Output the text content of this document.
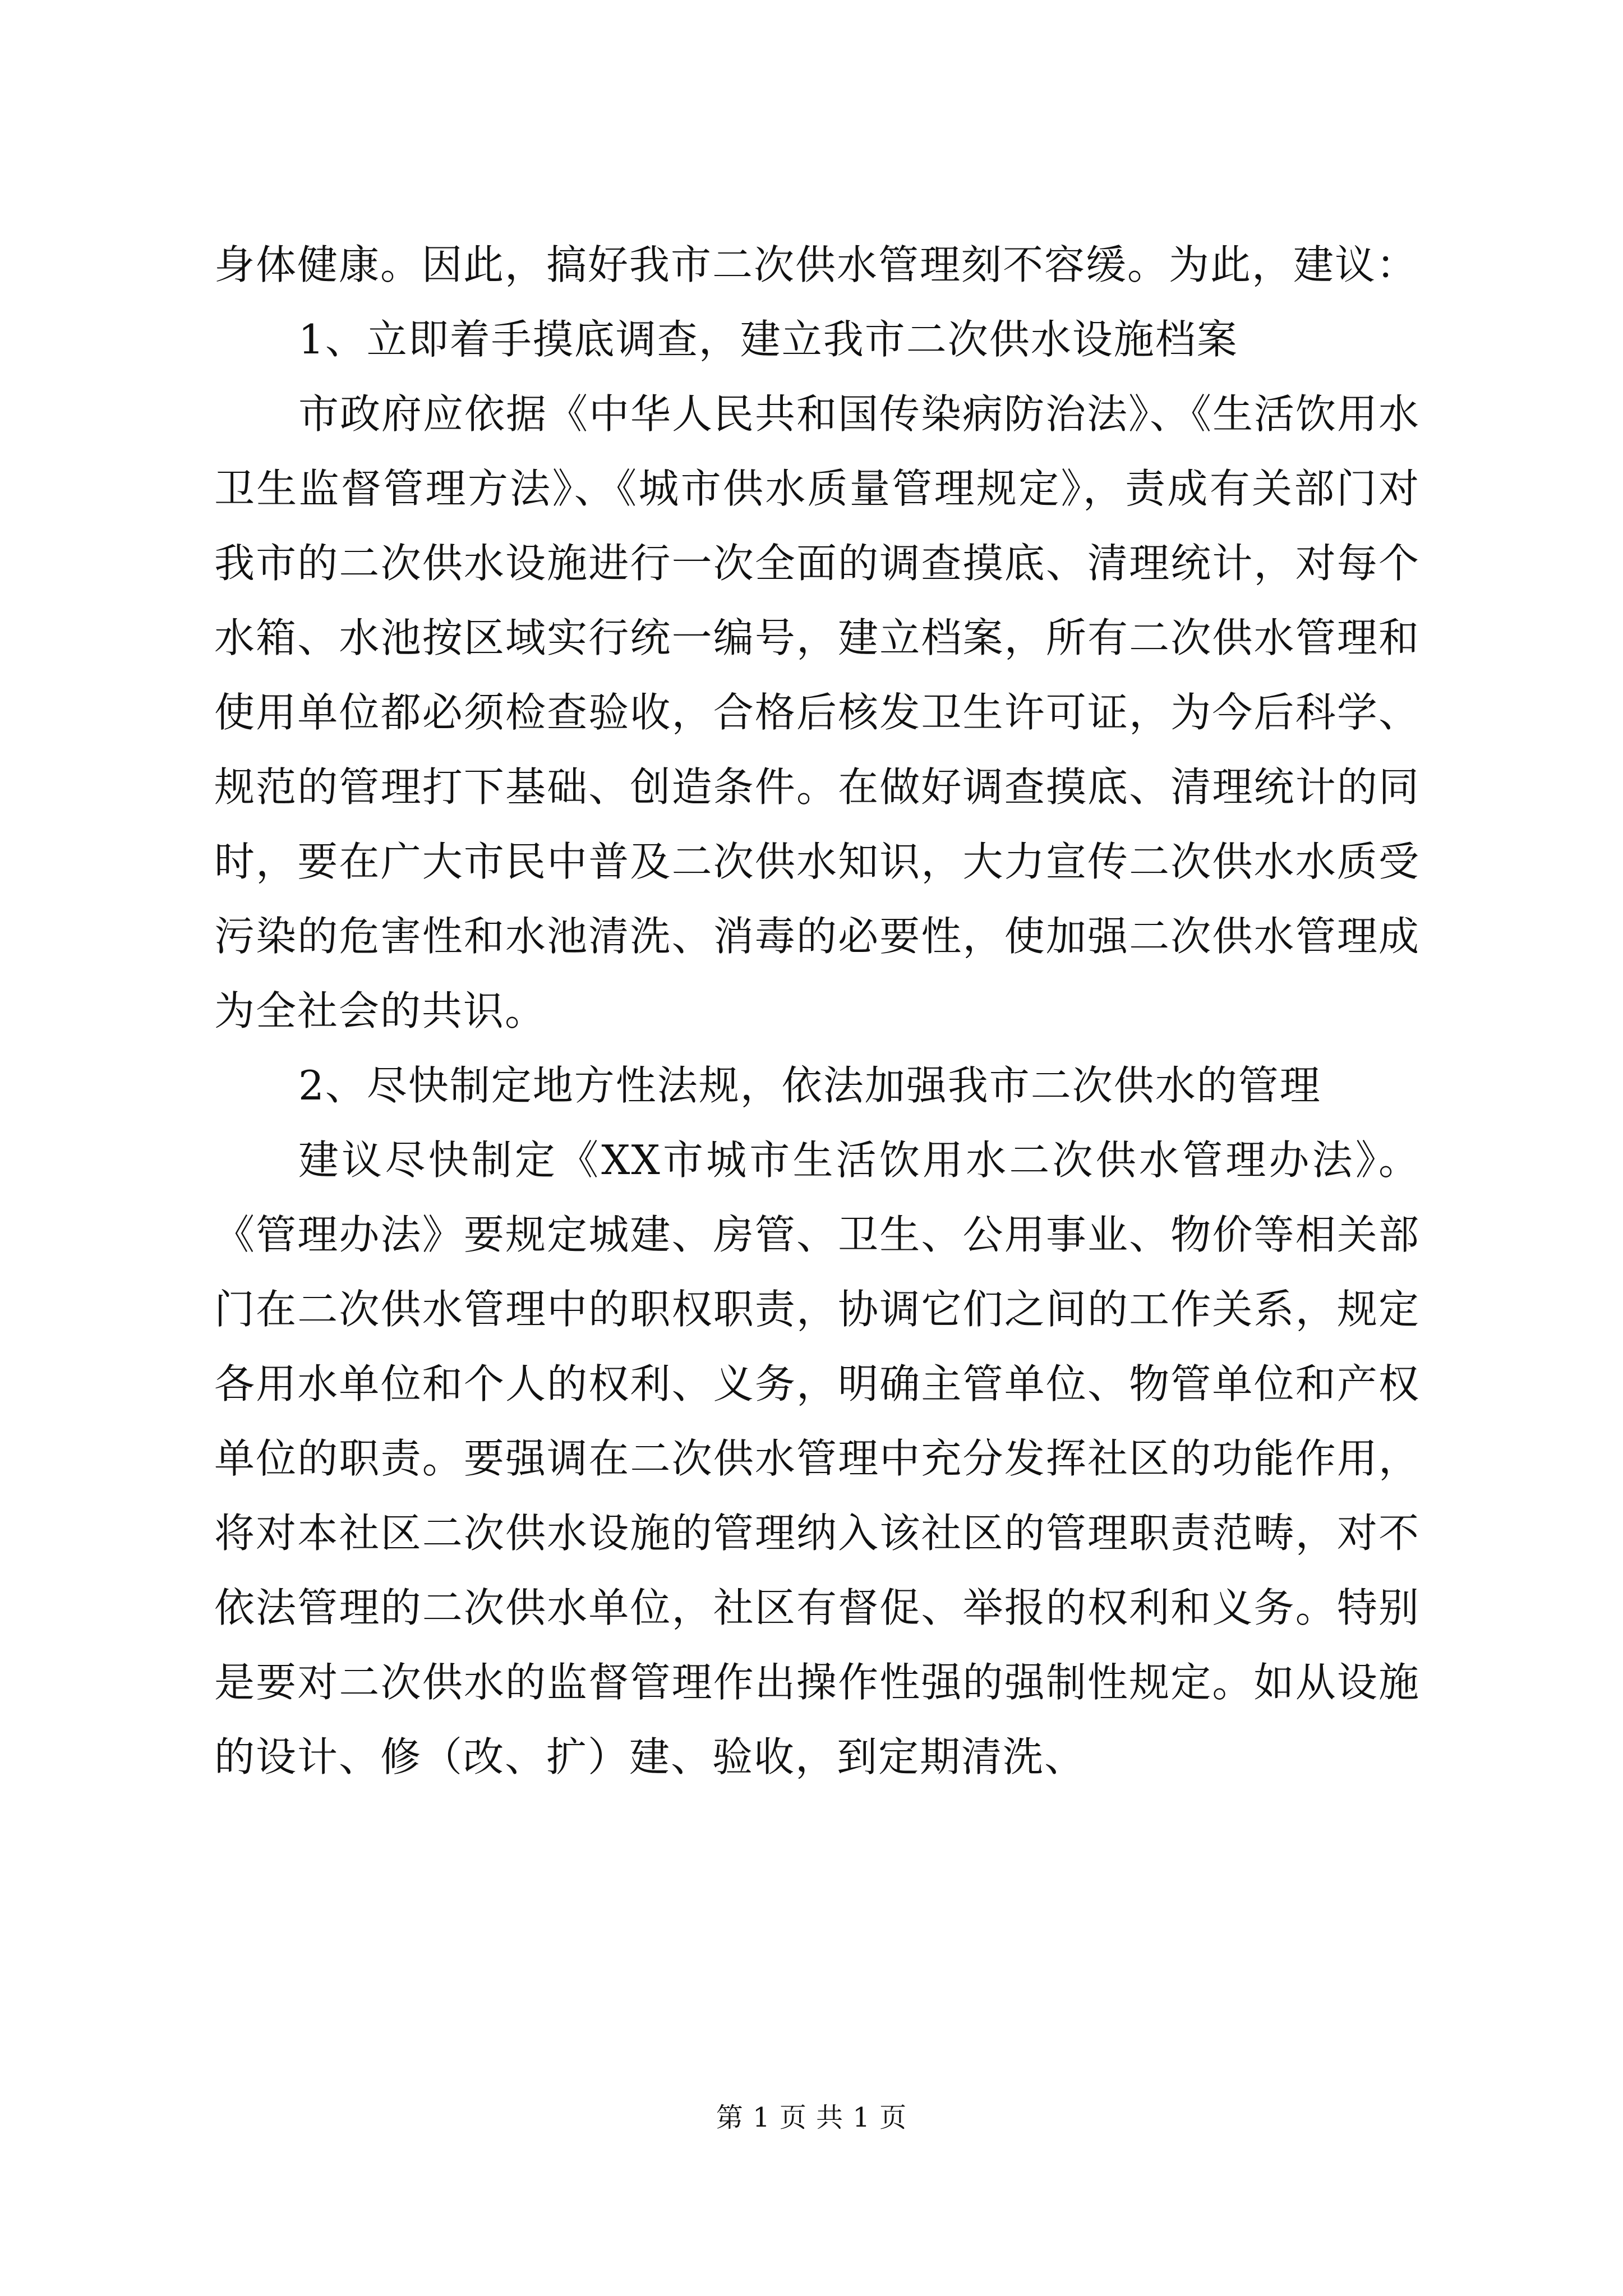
身体健康。因此，搞好我市二次供水管理刻不容缓。为此，建议：

1、立即着手摸底调查，建立我市二次供水设施档案

市政府应依据《中华人民共和国传染病防治法》、《生活饮用水卫生监督管理方法》、《城市供水质量管理规定》，责成有关部门对我市的二次供水设施进行一次全面的调查摸底、清理统计，对每个水箱、水池按区域实行统一编号，建立档案，所有二次供水管理和使用单位都必须检查验收，合格后核发卫生许可证，为今后科学、规范的管理打下基础、创造条件。在做好调查摸底、清理统计的同时，要在广大市民中普及二次供水知识，大力宣传二次供水水质受污染的危害性和水池清洗、消毒的必要性，使加强二次供水管理成为全社会的共识。

2、尽快制定地方性法规，依法加强我市二次供水的管理

建议尽快制定《XX市城市生活饮用水二次供水管理办法》。《管理办法》要规定城建、房管、卫生、公用事业、物价等相关部门在二次供水管理中的职权职责，协调它们之间的工作关系，规定各用水单位和个人的权利、义务，明确主管单位、物管单位和产权单位的职责。要强调在二次供水管理中充分发挥社区的功能作用，将对本社区二次供水设施的管理纳入该社区的管理职责范畴，对不依法管理的二次供水单位，社区有督促、举报的权利和义务。特别是要对二次供水的监督管理作出操作性强的强制性规定。如从设施的设计、修（改、扩）建、验收，到定期清洗、

第 1 页 共 1 页
